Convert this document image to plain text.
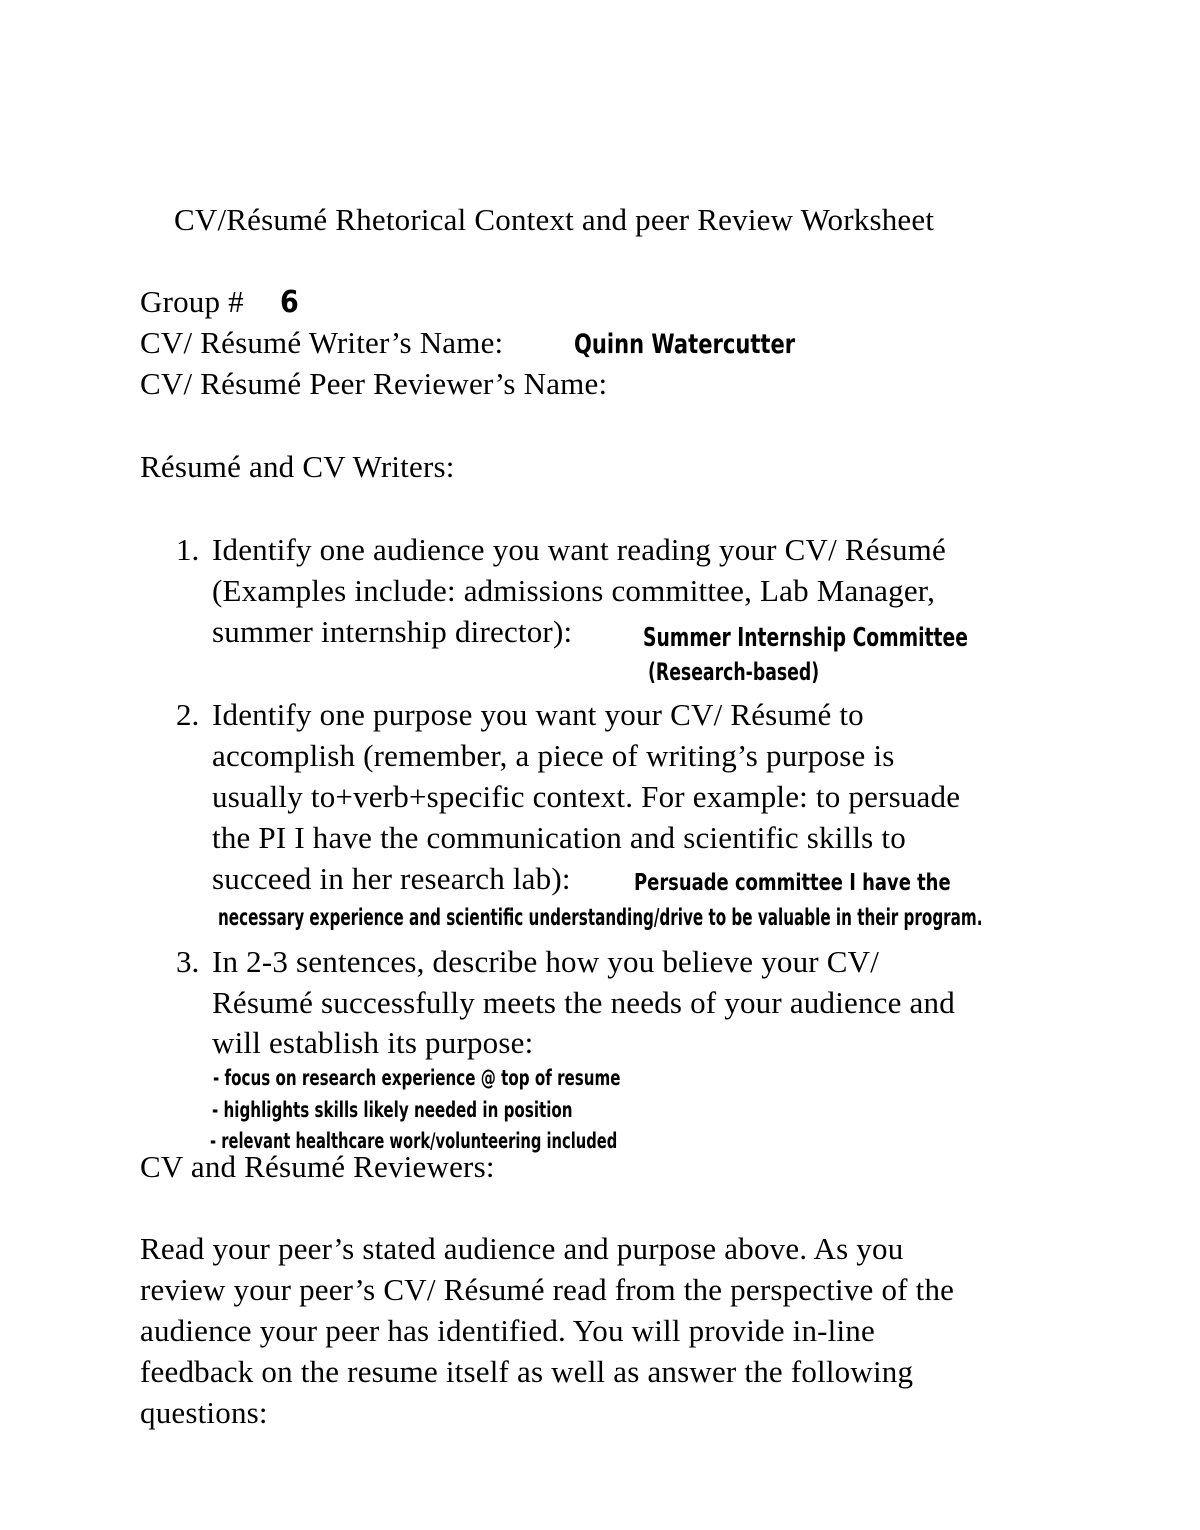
CV/Résumé Rhetorical Context and peer Review Worksheet
Group # 6
CV/ Résumé Writer’s Name:	Quinn Watercutter
CV/ Résumé Peer Reviewer’s Name:
Résumé and CV Writers:
1. Identify one audience you want reading your CV/ Résumé
(Examples include: admissions committee, Lab Manager,
summer internship director):	Summer Internship Committee
(Research-based)
2. Identify one purpose you want your CV/ Résumé to
accomplish (remember, a piece of writing’s purpose is
usually to+verb+specific context. For example: to persuade
the PI I have the communication and scientific skills to
succeed in her research lab):	Persuade committee I have the
necessary experience and scientific understanding/drive to be valuable in their program.
3. In 2-3 sentences, describe how you believe your CV/
Résumé successfully meets the needs of your audience and
will establish its purpose:
- focus on research experience @ top of resume
- highlights skills likely needed in position
- relevant healthcare work/volunteering included
CV and Résumé Reviewers:
Read your peer’s stated audience and purpose above. As you
review your peer’s CV/ Résumé read from the perspective of the
audience your peer has identified. You will provide in-line
feedback on the resume itself as well as answer the following
questions:
